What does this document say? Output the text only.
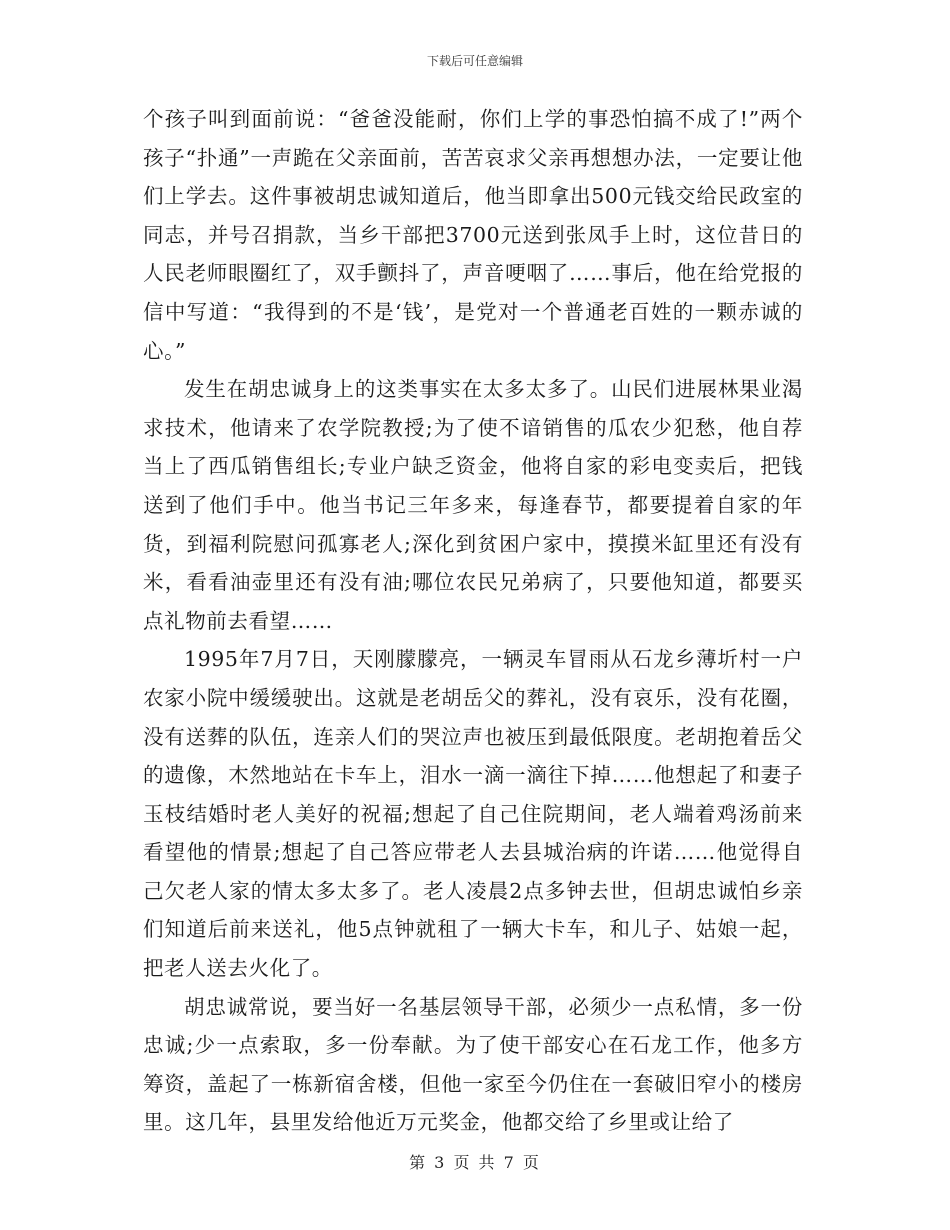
下载后可任意编辑

个孩子叫到面前说：“爸爸没能耐，你们上学的事恐怕搞不成了!”两个孩子“扑通”一声跪在父亲面前，苦苦哀求父亲再想想办法，一定要让他们上学去。这件事被胡忠诚知道后，他当即拿出500元钱交给民政室的同志，并号召捐款，当乡干部把3700元送到张凤手上时，这位昔日的人民老师眼圈红了，双手颤抖了，声音哽咽了……事后，他在给党报的信中写道：“我得到的不是‘钱’，是党对一个普通老百姓的一颗赤诚的心。”

发生在胡忠诚身上的这类事实在太多太多了。山民们进展林果业渴求技术，他请来了农学院教授;为了使不谙销售的瓜农少犯愁，他自荐当上了西瓜销售组长;专业户缺乏资金，他将自家的彩电变卖后，把钱送到了他们手中。他当书记三年多来，每逢春节，都要提着自家的年货，到福利院慰问孤寡老人;深化到贫困户家中，摸摸米缸里还有没有米，看看油壶里还有没有油;哪位农民兄弟病了，只要他知道，都要买点礼物前去看望……

1995年7月7日，天刚朦朦亮，一辆灵车冒雨从石龙乡薄圻村一户农家小院中缓缓驶出。这就是老胡岳父的葬礼，没有哀乐，没有花圈，没有送葬的队伍，连亲人们的哭泣声也被压到最低限度。老胡抱着岳父的遗像，木然地站在卡车上，泪水一滴一滴往下掉……他想起了和妻子玉枝结婚时老人美好的祝福;想起了自己住院期间，老人端着鸡汤前来看望他的情景;想起了自己答应带老人去县城治病的许诺……他觉得自己欠老人家的情太多太多了。老人凌晨2点多钟去世，但胡忠诚怕乡亲们知道后前来送礼，他5点钟就租了一辆大卡车，和儿子、姑娘一起，把老人送去火化了。

胡忠诚常说，要当好一名基层领导干部，必须少一点私情，多一份忠诚;少一点索取，多一份奉献。为了使干部安心在石龙工作，他多方筹资，盖起了一栋新宿舍楼，但他一家至今仍住在一套破旧窄小的楼房里。这几年，县里发给他近万元奖金，他都交给了乡里或让给了

第 3 页 共 7 页
